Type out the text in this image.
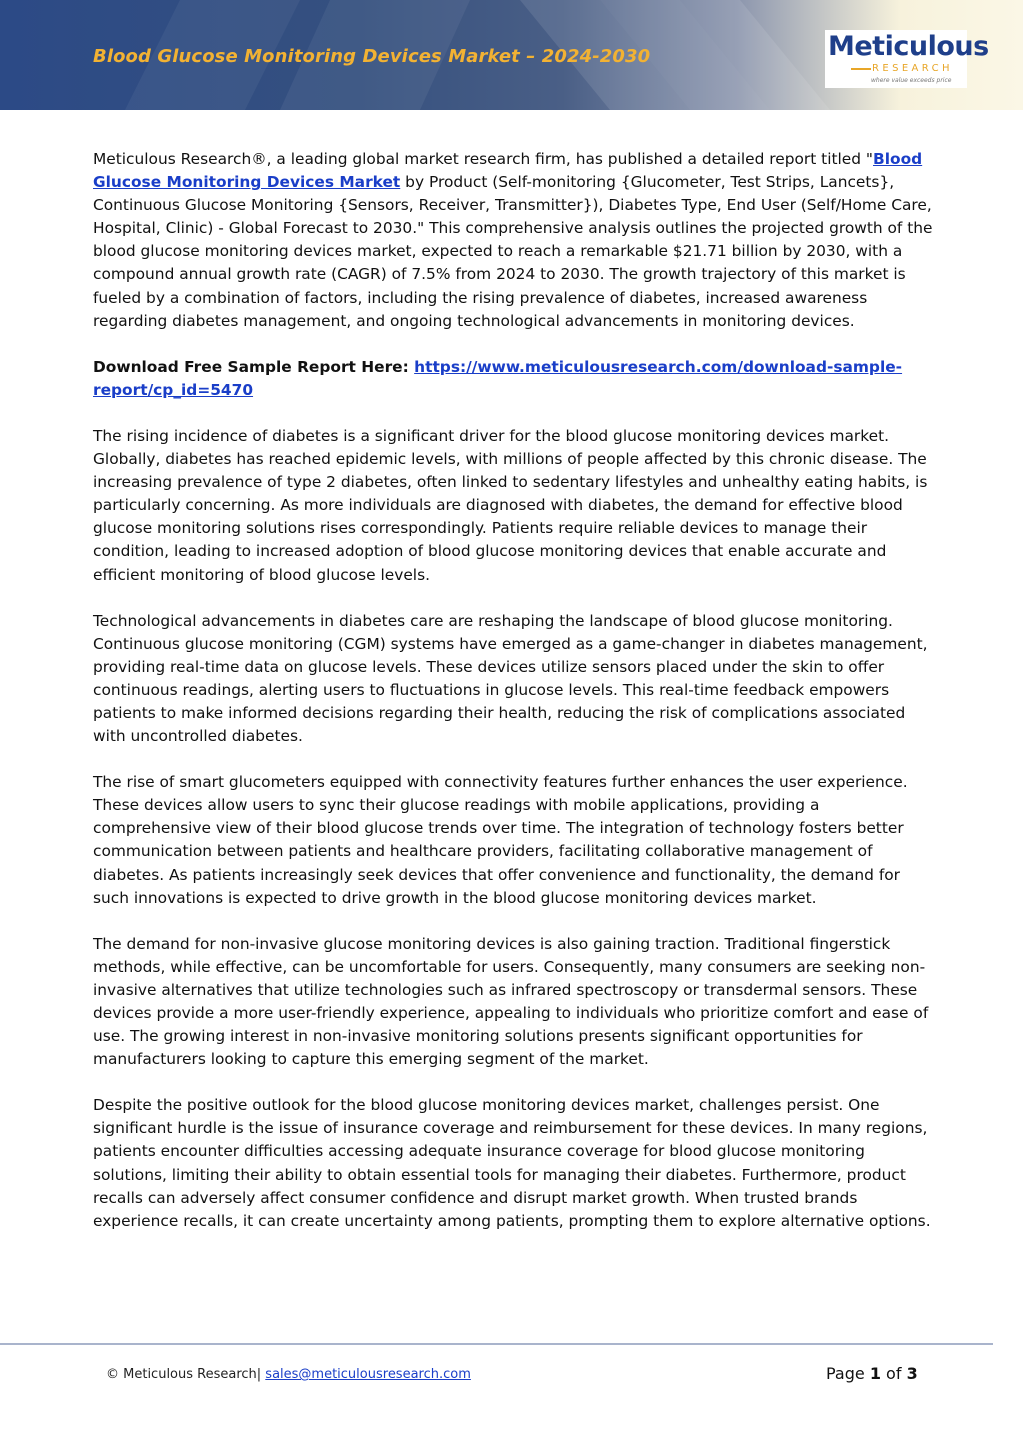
Blood Glucose Monitoring Devices Market – 2024-2030	Meticulous
RESEARCH
where value exceeds price

Meticulous Research®, a leading global market research firm, has published a detailed report titled "Blood Glucose Monitoring Devices Market by Product (Self-monitoring {Glucometer, Test Strips, Lancets}, Continuous Glucose Monitoring {Sensors, Receiver, Transmitter}), Diabetes Type, End User (Self/Home Care, Hospital, Clinic) - Global Forecast to 2030." This comprehensive analysis outlines the projected growth of the blood glucose monitoring devices market, expected to reach a remarkable $21.71 billion by 2030, with a compound annual growth rate (CAGR) of 7.5% from 2024 to 2030. The growth trajectory of this market is fueled by a combination of factors, including the rising prevalence of diabetes, increased awareness regarding diabetes management, and ongoing technological advancements in monitoring devices.

Download Free Sample Report Here: https://www.meticulousresearch.com/download-sample-report/cp_id=5470

The rising incidence of diabetes is a significant driver for the blood glucose monitoring devices market. Globally, diabetes has reached epidemic levels, with millions of people affected by this chronic disease. The increasing prevalence of type 2 diabetes, often linked to sedentary lifestyles and unhealthy eating habits, is particularly concerning. As more individuals are diagnosed with diabetes, the demand for effective blood glucose monitoring solutions rises correspondingly. Patients require reliable devices to manage their condition, leading to increased adoption of blood glucose monitoring devices that enable accurate and efficient monitoring of blood glucose levels.

Technological advancements in diabetes care are reshaping the landscape of blood glucose monitoring. Continuous glucose monitoring (CGM) systems have emerged as a game-changer in diabetes management, providing real-time data on glucose levels. These devices utilize sensors placed under the skin to offer continuous readings, alerting users to fluctuations in glucose levels. This real-time feedback empowers patients to make informed decisions regarding their health, reducing the risk of complications associated with uncontrolled diabetes.

The rise of smart glucometers equipped with connectivity features further enhances the user experience. These devices allow users to sync their glucose readings with mobile applications, providing a comprehensive view of their blood glucose trends over time. The integration of technology fosters better communication between patients and healthcare providers, facilitating collaborative management of diabetes. As patients increasingly seek devices that offer convenience and functionality, the demand for such innovations is expected to drive growth in the blood glucose monitoring devices market.

The demand for non-invasive glucose monitoring devices is also gaining traction. Traditional fingerstick methods, while effective, can be uncomfortable for users. Consequently, many consumers are seeking non-invasive alternatives that utilize technologies such as infrared spectroscopy or transdermal sensors. These devices provide a more user-friendly experience, appealing to individuals who prioritize comfort and ease of use. The growing interest in non-invasive monitoring solutions presents significant opportunities for manufacturers looking to capture this emerging segment of the market.

Despite the positive outlook for the blood glucose monitoring devices market, challenges persist. One significant hurdle is the issue of insurance coverage and reimbursement for these devices. In many regions, patients encounter difficulties accessing adequate insurance coverage for blood glucose monitoring solutions, limiting their ability to obtain essential tools for managing their diabetes. Furthermore, product recalls can adversely affect consumer confidence and disrupt market growth. When trusted brands experience recalls, it can create uncertainty among patients, prompting them to explore alternative options.

© Meticulous Research| sales@meticulousresearch.com	Page 1 of 3
